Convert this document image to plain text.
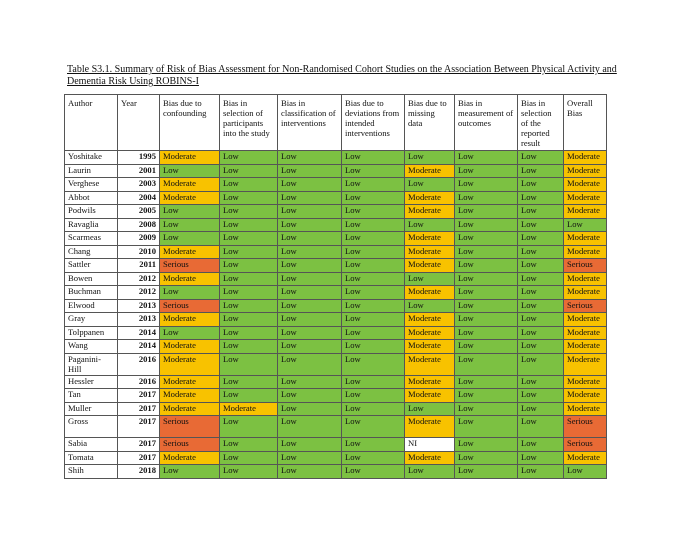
Table S3.1. Summary of Risk of Bias Assessment for Non-Randomised Cohort Studies on the Association Between Physical Activity and Dementia Risk Using ROBINS-I
Author	Year	Bias due to confounding	Bias in selection of participants into the study	Bias in classification of interventions	Bias due to deviations from intended interventions	Bias due to missing data	Bias in measurement of outcomes	Bias in selection of the reported result	Overall Bias
Yoshitake	1995	Moderate	Low	Low	Low	Low	Low	Low	Moderate
Laurin	2001	Low	Low	Low	Low	Moderate	Low	Low	Moderate
Verghese	2003	Moderate	Low	Low	Low	Low	Low	Low	Moderate
Abbot	2004	Moderate	Low	Low	Low	Moderate	Low	Low	Moderate
Podwils	2005	Low	Low	Low	Low	Moderate	Low	Low	Moderate
Ravaglia	2008	Low	Low	Low	Low	Low	Low	Low	Low
Scarmeas	2009	Low	Low	Low	Low	Moderate	Low	Low	Moderate
Chang	2010	Moderate	Low	Low	Low	Moderate	Low	Low	Moderate
Sattler	2011	Serious	Low	Low	Low	Moderate	Low	Low	Serious
Bowen	2012	Moderate	Low	Low	Low	Low	Low	Low	Moderate
Buchman	2012	Low	Low	Low	Low	Moderate	Low	Low	Moderate
Elwood	2013	Serious	Low	Low	Low	Low	Low	Low	Serious
Gray	2013	Moderate	Low	Low	Low	Moderate	Low	Low	Moderate
Tolppanen	2014	Low	Low	Low	Low	Moderate	Low	Low	Moderate
Wang	2014	Moderate	Low	Low	Low	Moderate	Low	Low	Moderate
Paganini-Hill	2016	Moderate	Low	Low	Low	Moderate	Low	Low	Moderate
Hessler	2016	Moderate	Low	Low	Low	Moderate	Low	Low	Moderate
Tan	2017	Moderate	Low	Low	Low	Moderate	Low	Low	Moderate
Muller	2017	Moderate	Moderate	Low	Low	Low	Low	Low	Moderate
Gross	2017	Serious	Low	Low	Low	Moderate	Low	Low	Serious
Sabia	2017	Serious	Low	Low	Low	NI	Low	Low	Serious
Tomata	2017	Moderate	Low	Low	Low	Moderate	Low	Low	Moderate
Shih	2018	Low	Low	Low	Low	Low	Low	Low	Low
